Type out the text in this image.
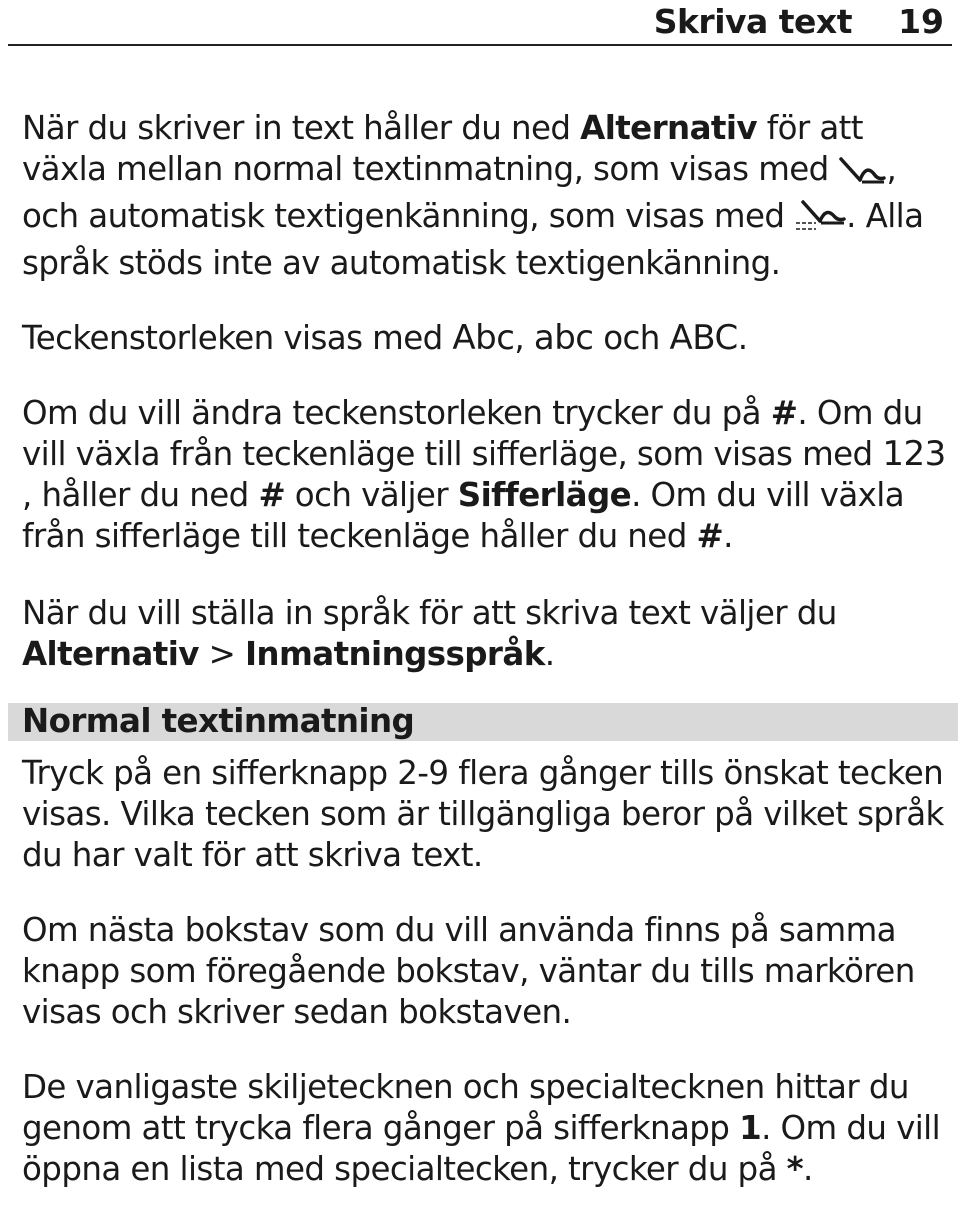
Skriva text 19

När du skriver in text håller du ned Alternativ för att växla mellan normal textinmatning, som visas med , och automatisk textigenkänning, som visas med . Alla språk stöds inte av automatisk textigenkänning.

Teckenstorleken visas med Abc, abc och ABC.

Om du vill ändra teckenstorleken trycker du på #. Om du vill växla från teckenläge till sifferläge, som visas med 123, håller du ned # och väljer Sifferläge. Om du vill växla från sifferläge till teckenläge håller du ned #.

När du vill ställa in språk för att skriva text väljer du Alternativ > Inmatningsspråk.

Normal textinmatning

Tryck på en sifferknapp 2-9 flera gånger tills önskat tecken visas. Vilka tecken som är tillgängliga beror på vilket språk du har valt för att skriva text.

Om nästa bokstav som du vill använda finns på samma knapp som föregående bokstav, väntar du tills markören visas och skriver sedan bokstaven.

De vanligaste skiljetecknen och specialtecknen hittar du genom att trycka flera gånger på sifferknapp 1. Om du vill öppna en lista med specialtecken, trycker du på *.
